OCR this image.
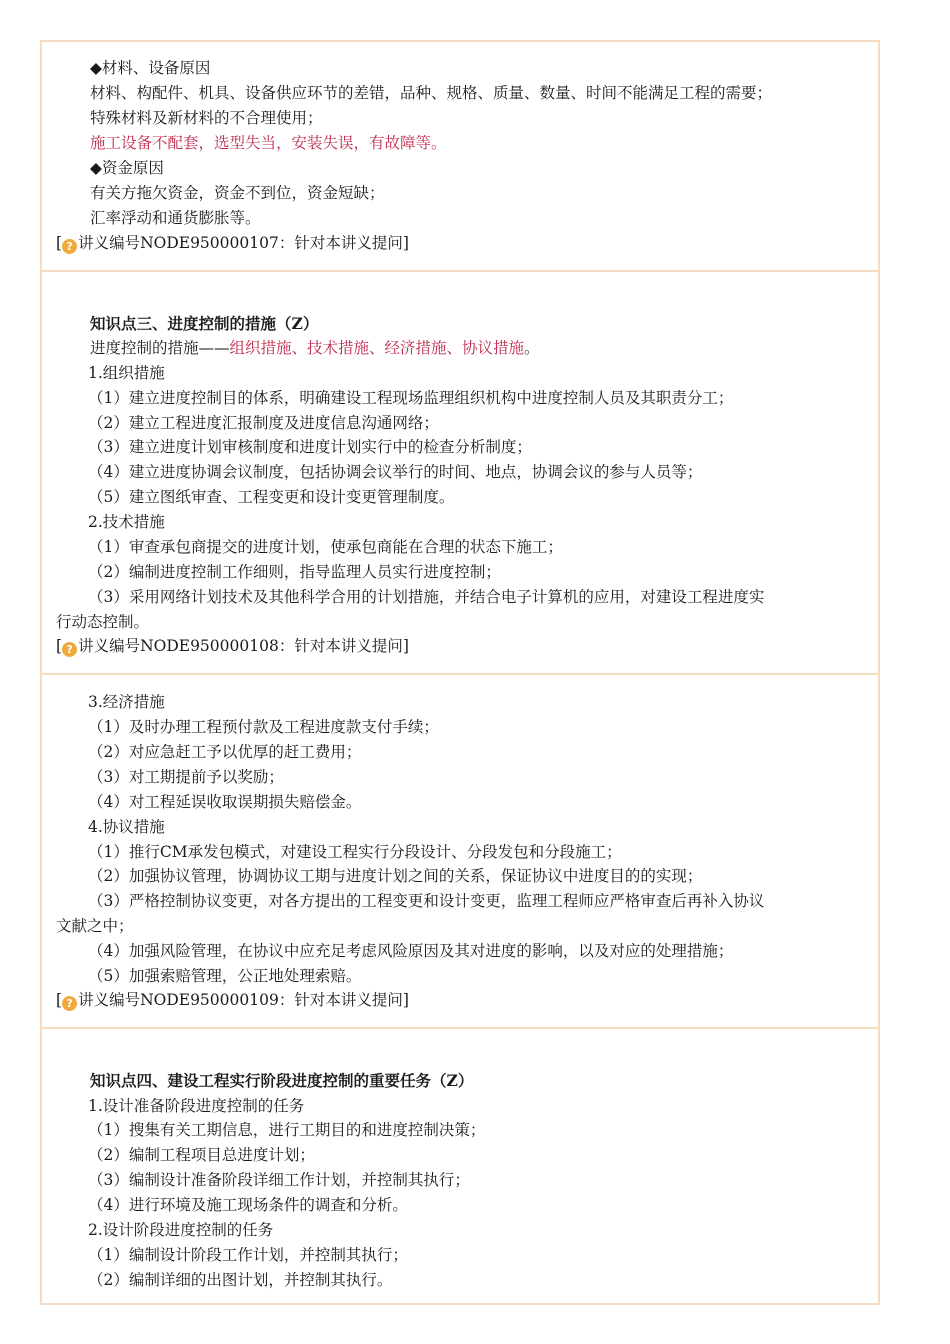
◆材料、设备原因
材料、构配件、机具、设备供应环节的差错，品种、规格、质量、数量、时间不能满足工程的需要；
特殊材料及新材料的不合理使用；
施工设备不配套，选型失当，安装失误，有故障等。
◆资金原因
有关方拖欠资金，资金不到位，资金短缺；
汇率浮动和通货膨胀等。
[ ? 讲义编号NODE950000107：针对本讲义提问]
知识点三、进度控制的措施（Z）
进度控制的措施——组织措施、技术措施、经济措施、协议措施。
1.组织措施
（1）建立进度控制目的体系，明确建设工程现场监理组织机构中进度控制人员及其职责分工；
（2）建立工程进度汇报制度及进度信息沟通网络；
（3）建立进度计划审核制度和进度计划实行中的检查分析制度；
（4）建立进度协调会议制度，包括协调会议举行的时间、地点，协调会议的参与人员等；
（5）建立图纸审查、工程变更和设计变更管理制度。
2.技术措施
（1）审查承包商提交的进度计划，使承包商能在合理的状态下施工；
（2）编制进度控制工作细则，指导监理人员实行进度控制；
（3）采用网络计划技术及其他科学合用的计划措施，并结合电子计算机的应用，对建设工程进度实
行动态控制。
[ ? 讲义编号NODE950000108：针对本讲义提问]
3.经济措施
（1）及时办理工程预付款及工程进度款支付手续；
（2）对应急赶工予以优厚的赶工费用；
（3）对工期提前予以奖励；
（4）对工程延误收取误期损失赔偿金。
4.协议措施
（1）推行CM承发包模式，对建设工程实行分段设计、分段发包和分段施工；
（2）加强协议管理，协调协议工期与进度计划之间的关系，保证协议中进度目的的实现；
（3）严格控制协议变更，对各方提出的工程变更和设计变更，监理工程师应严格审查后再补入协议
文献之中；
（4）加强风险管理，在协议中应充足考虑风险原因及其对进度的影响，以及对应的处理措施；
（5）加强索赔管理，公正地处理索赔。
[ ? 讲义编号NODE950000109：针对本讲义提问]
知识点四、建设工程实行阶段进度控制的重要任务（Z）
1.设计准备阶段进度控制的任务
（1）搜集有关工期信息，进行工期目的和进度控制决策；
（2）编制工程项目总进度计划；
（3）编制设计准备阶段详细工作计划，并控制其执行；
（4）进行环境及施工现场条件的调查和分析。
2.设计阶段进度控制的任务
（1）编制设计阶段工作计划，并控制其执行；
（2）编制详细的出图计划，并控制其执行。
